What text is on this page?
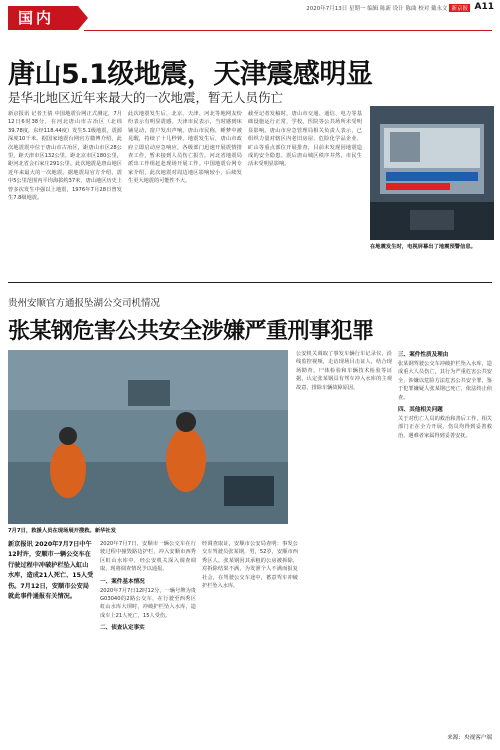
国内	2020年7月13日 星期一 编辑 陈新 设计 陈曲 校对 戴永文 新京报 A11
唐山5.1级地震，天津震感明显
是华北地区近年来最大的一次地震，暂无人员伤亡
新京报讯 记者王倩 中国地震台网正式测定，7月12日6时38分，在河北唐山市古冶区（北纬39.78度，东经118.44度）发生5.1级地震，震源深度10千米。据国家地震台网官方微博介绍，此次地震震中位于唐山市古冶区，距唐山市区28公里，距天津市区132公里，距北京市区180公里，距河北省会石家庄291公里。此次地震是唐山地区近年来最大的一次地震。据地震局官方介绍，震中5公里范围内平均海拔约37米，唐山地区历史上曾多次发生中强以上地震，1976年7月28日曾发生7.8级地震。
此次地震发生后，北京、天津、河北等地网友纷纷表示有明显震感。天津市民表示，当时感到床铺晃动，窗户发出声响。唐山市民称，睡梦中被晃醒，持续了十几秒钟。地震发生后，唐山市政府立即启动应急响应，各级部门迅速开展震情排查工作，暂未接到人员伤亡报告。河北省地震局派出工作组赶赴现场开展工作。中国地震台网专家介绍，此次地震对周边地区影响较小，后续发生更大地震的可能性不大。
截至记者发稿时，唐山市交通、通信、电力等基础设施运行正常，学校、医院等公共场所未受明显影响。唐山市应急管理局相关负责人表示，已组织力量对辖区内老旧房屋、危险化学品企业、矿山等重点部位开展排查，目前未发现因地震造成的安全隐患。震后唐山城区秩序井然，市民生活未受明显影响。
在地震发生时，电视屏幕出了地震预警信息。
贵州安顺官方通报坠湖公交司机情况
张某钢危害公共安全涉嫌严重刑事犯罪
7月7日，救援人员在现场展开搜救。新华社发
新京报讯 2020年7月7日中午12时许，安顺市一辆公交车在行驶过程中冲破护栏坠入虹山水库，造成21人死亡、15人受伤。7月12日，安顺市公安局就此事件通报有关情况。
2020年7月7日，安顺市一辆公交车在行驶过程中撞毁路边护栏，冲入安顺市西秀区虹山水库中，经公安机关深入调查调取，现将调查情况予以通报。
一、案件基本情况
2020年7月7日12时12分，一辆号牌为贵G03040的2路公交车，在行驶至西秀区虹山水库大坝时，冲破护栏坠入水库，造成车上21人死亡，15人受伤。
二、侦查认定事实
经调查取证，安顺市公安局查明：事发公交车驾驶员张某钢，男，52岁，安顺市西秀区人。张某钢因其承租的公房被拆除，对拆除结果不满，为发泄个人不满而报复社会，在驾驶公交车途中，蓄意驾车冲破护栏坠入水库。
公安机关调取了事发车辆行车记录仪、沿线监控视频，走访现场目击证人，结合现场勘查、尸体检验和车辆技术检验等证据，认定张某钢具有驾车冲入水库的主观故意，排除车辆故障原因。
三、案件性质及理由
张某钢驾驶公交车冲破护栏坠入水库，造成重大人员伤亡，其行为严重危害公共安全，涉嫌以危险方法危害公共安全罪，鉴于犯罪嫌疑人张某钢已死亡，依法终止侦查。
四、其他相关问题
关于对伤亡人员的救治和善后工作，相关部门正在全力开展，伤员均得到妥善救治，遇难者家属得到妥善安抚。
来源：央视客户端
